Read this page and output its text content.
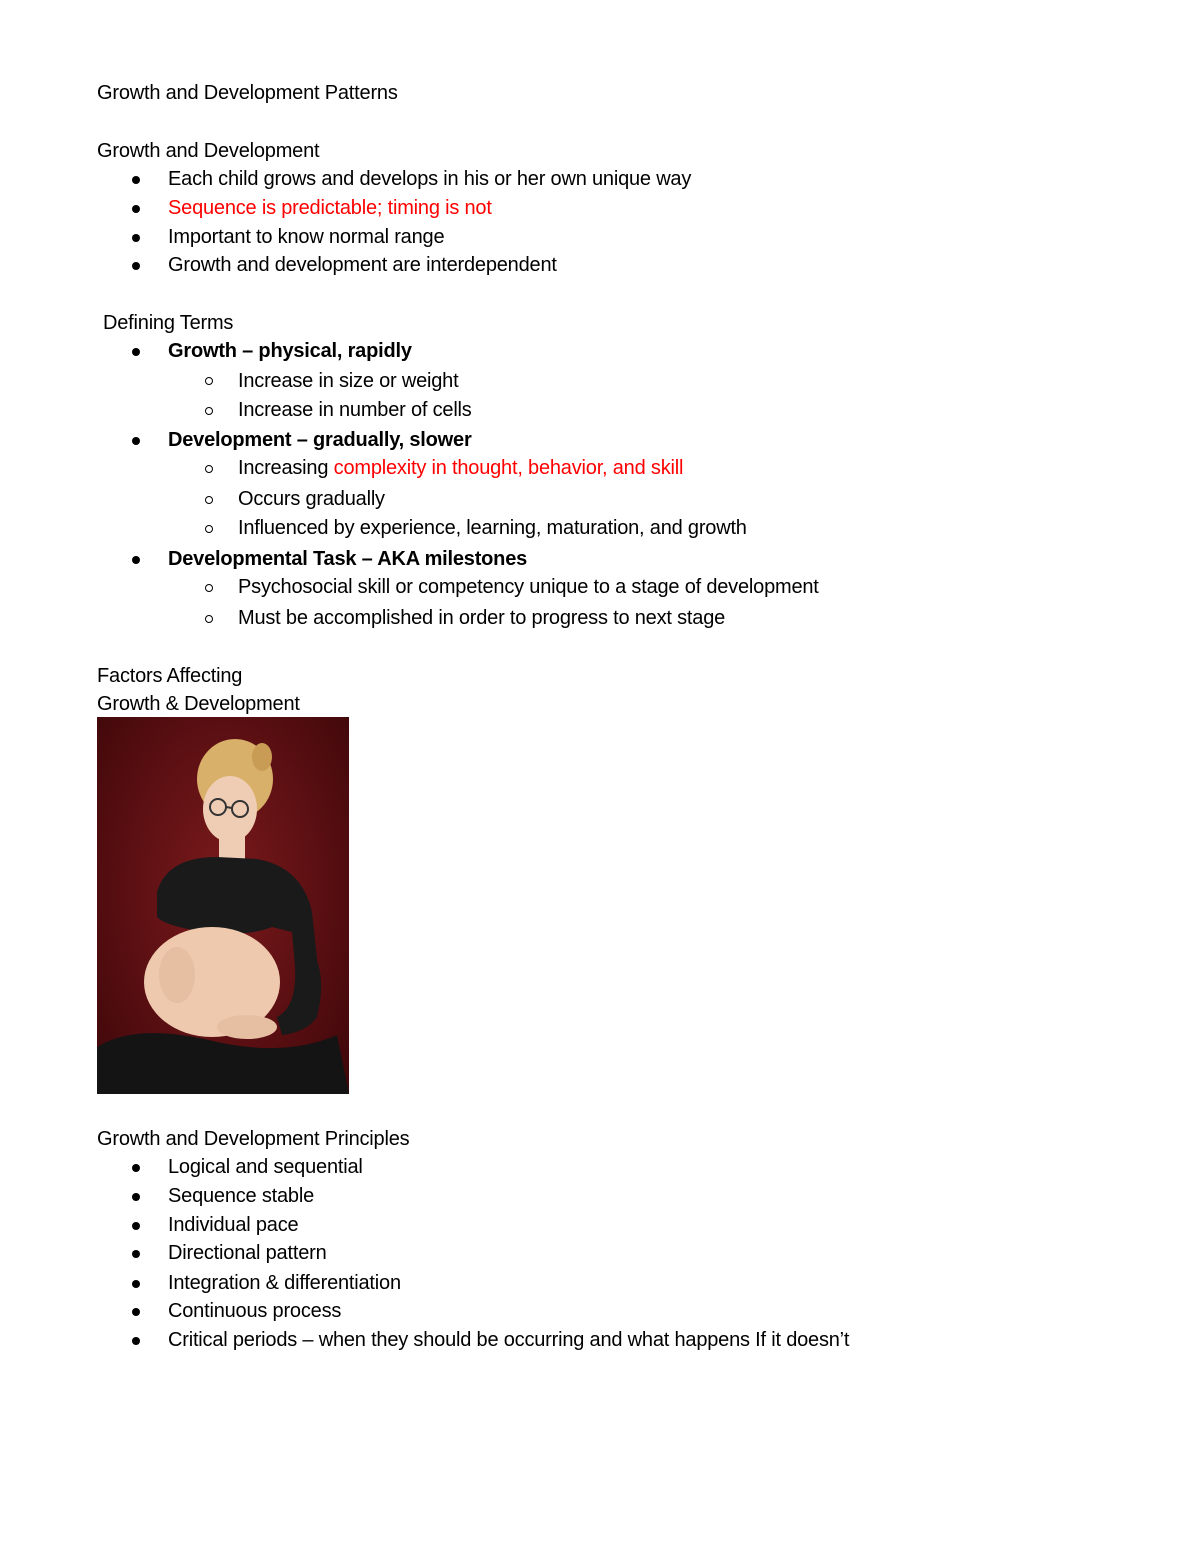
Growth and Development Patterns
Growth and Development
Each child grows and develops in his or her own unique way
Sequence is predictable; timing is not
Important to know normal range
Growth and development are interdependent
Defining Terms
Growth – physical, rapidly
Increase in size or weight
Increase in number of cells
Development – gradually, slower
Increasing complexity in thought, behavior, and skill
Occurs gradually
Influenced by experience, learning, maturation, and growth
Developmental Task – AKA milestones
Psychosocial skill or competency unique to a stage of development
Must be accomplished in order to progress to next stage
Factors Affecting
Growth & Development
Growth and Development Principles
Logical and sequential
Sequence stable
Individual pace
Directional pattern
Integration & differentiation
Continuous process
Critical periods – when they should be occurring and what happens If it doesn’t
